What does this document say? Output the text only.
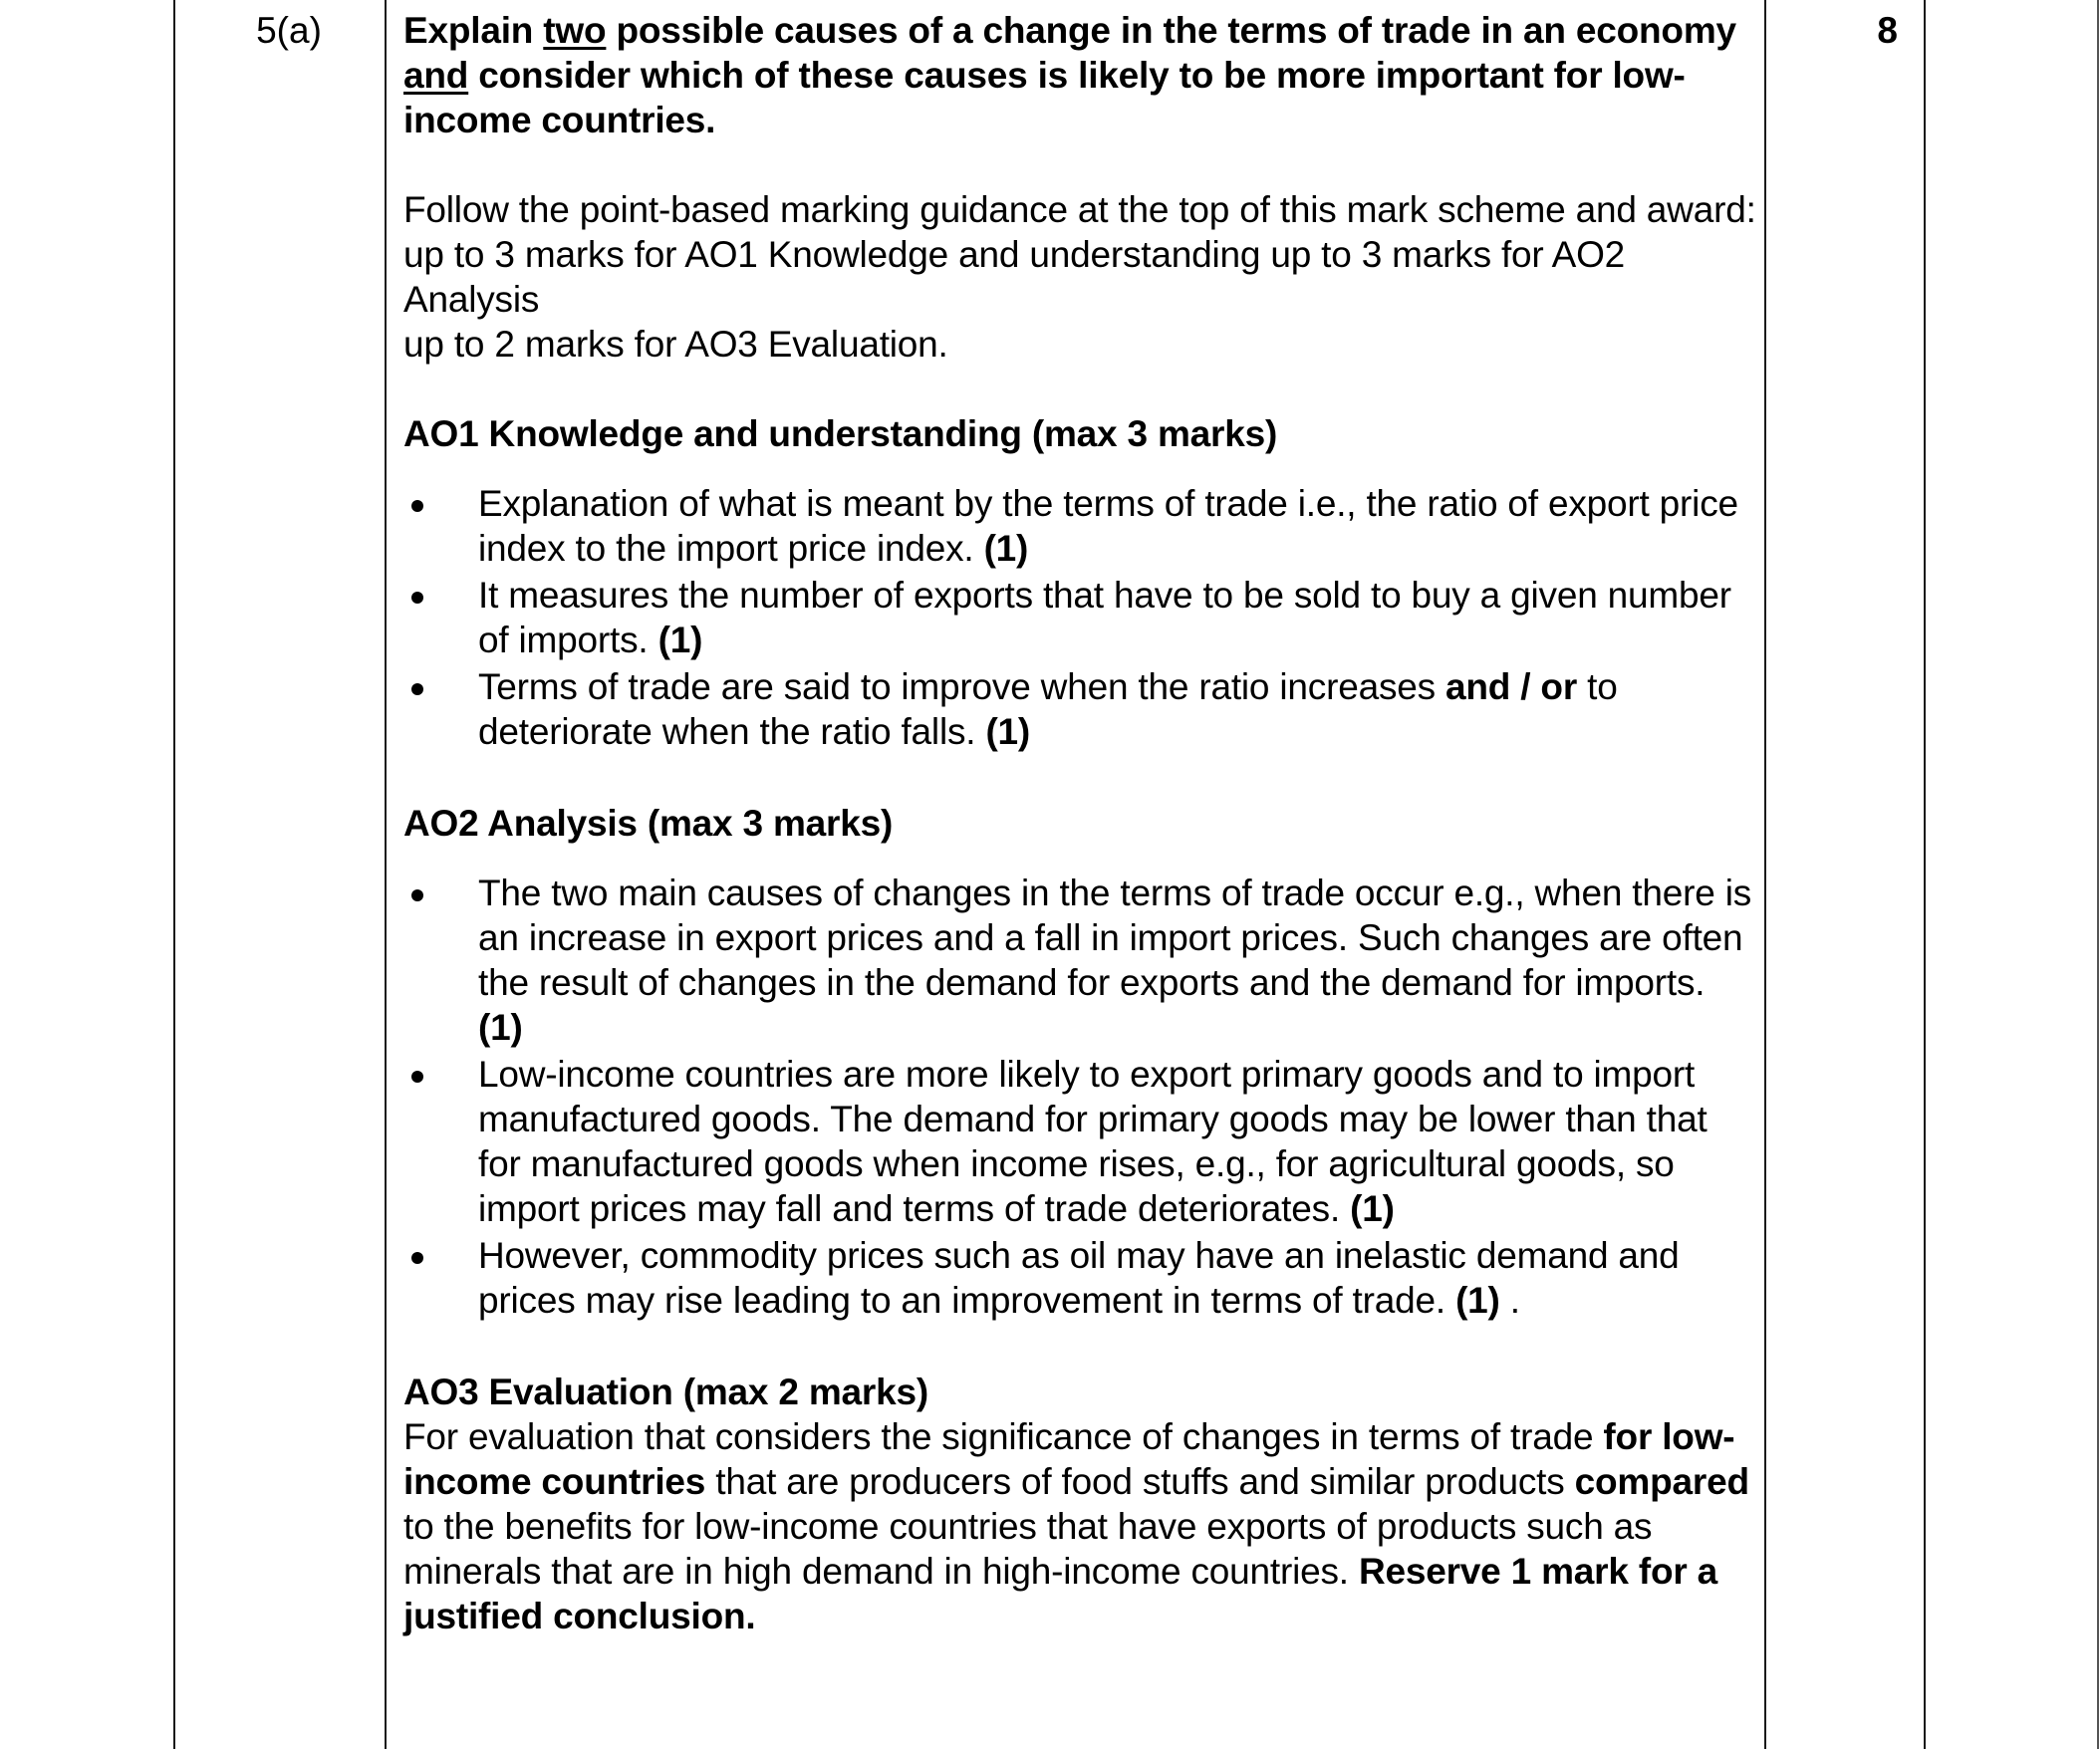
5(a)	8

Explain two possible causes of a change in the terms of trade in an economy and consider which of these causes is likely to be more important for low-income countries.

Follow the point-based marking guidance at the top of this mark scheme and award:

up to 3 marks for AO1 Knowledge and understanding up to 3 marks for AO2 Analysis

up to 2 marks for AO3 Evaluation.

AO1 Knowledge and understanding (max 3 marks)

Explanation of what is meant by the terms of trade i.e., the ratio of export price index to the import price index. (1)
It measures the number of exports that have to be sold to buy a given number of imports. (1)
Terms of trade are said to improve when the ratio increases and / or to deteriorate when the ratio falls. (1)

AO2 Analysis (max 3 marks)

The two main causes of changes in the terms of trade occur e.g., when there is an increase in export prices and a fall in import prices. Such changes are often the result of changes in the demand for exports and the demand for imports. (1)
Low-income countries are more likely to export primary goods and to import manufactured goods. The demand for primary goods may be lower than that for manufactured goods when income rises, e.g., for agricultural goods, so import prices may fall and terms of trade deteriorates. (1)
However, commodity prices such as oil may have an inelastic demand and prices may rise leading to an improvement in terms of trade. (1) .

AO3 Evaluation (max 2 marks)

For evaluation that considers the significance of changes in terms of trade for low-income countries that are producers of food stuffs and similar products compared to the benefits for low-income countries that have exports of products such as minerals that are in high demand in high-income countries. Reserve 1 mark for a justified conclusion.
